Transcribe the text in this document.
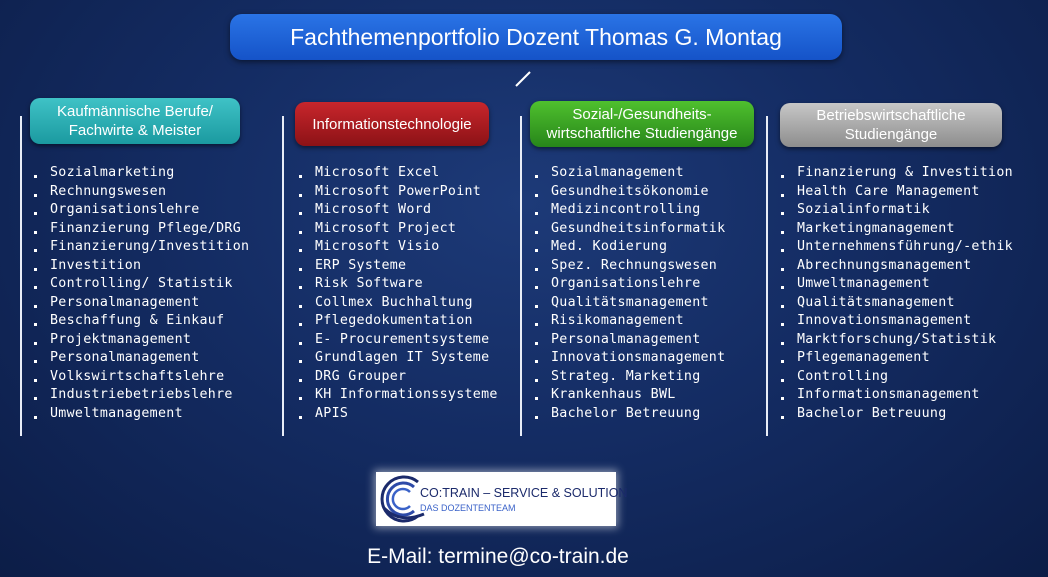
Fachthemenportfolio Dozent Thomas G. Montag
Kaufmännische Berufe/
Fachwirte & Meister	Informationstechnologie
Sozial-/Gesundheits-
wirtschaftliche Studiengänge
Betriebswirtschaftliche
Studiengänge
Sozialmarketing
Rechnungswesen
Organisationslehre
Finanzierung Pflege/DRG
Finanzierung/Investition
Investition
Controlling/ Statistik
Personalmanagement
Beschaffung & Einkauf
Projektmanagement
Personalmanagement
Volkswirtschaftslehre
Industriebetriebslehre
Umweltmanagement
Microsoft Excel
Microsoft PowerPoint
Microsoft Word
Microsoft Project
Microsoft Visio
ERP Systeme
Risk Software
Collmex Buchhaltung
Pflegedokumentation
E- Procurementsysteme
Grundlagen IT Systeme
DRG Grouper
KH Informationssysteme
APIS
Sozialmanagement
Gesundheitsökonomie
Medizincontrolling
Gesundheitsinformatik
Med. Kodierung
Spez. Rechnungswesen
Organisationslehre
Qualitätsmanagement
Risikomanagement
Personalmanagement
Innovationsmanagement
Strateg. Marketing
Krankenhaus BWL
Bachelor Betreuung
Finanzierung & Investition
Health Care Management
Sozialinformatik
Marketingmanagement
Unternehmensführung/-ethik
Abrechnungsmanagement
Umweltmanagement
Qualitätsmanagement
Innovationsmanagement
Marktforschung/Statistik
Pflegemanagement
Controlling
Informationsmanagement
Bachelor Betreuung
CO:TRAIN – SERVICE & SOLUTION
DAS DOZENTENTEAM
E-Mail: termine@co-train.de
